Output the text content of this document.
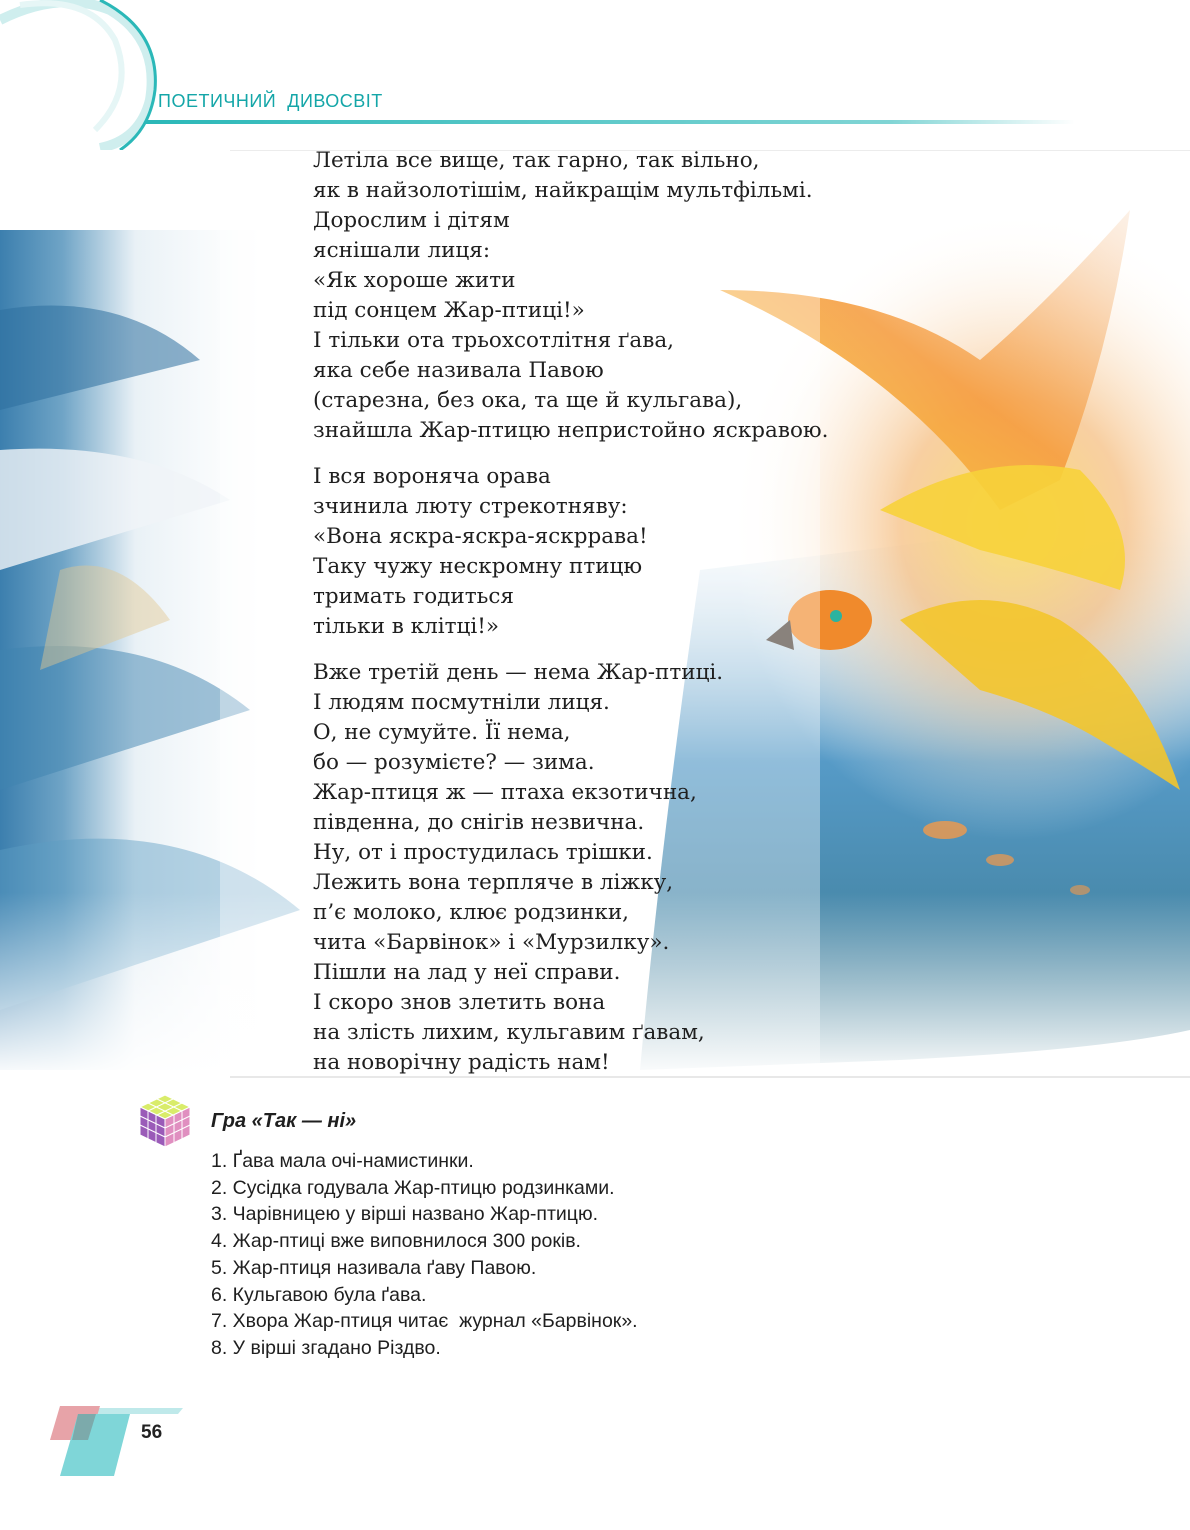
ПОЕТИЧНИЙ  ДИВОСВІТ
Летіла все вище, так гарно, так вільно,
як в найзолотішім, найкращім мультфільмі.
Дорослим і дітям
яснішали лиця:
«Як хороше жити
під сонцем Жар-птиці!»
І тільки ота трьохсотлітня ґава,
яка себе називала Павою
(старезна, без ока, та ще й кульгава),
знайшла Жар-птицю непристойно яскравою.
І вся вороняча орава
зчинила люту стрекотняву:
«Вона яскра-яскра-яскррава!
Таку чужу нескромну птицю
тримать годиться
тільки в клітці!»
Вже третій день — нема Жар-птиці.
І людям посмутніли лиця.
О, не сумуйте. Її нема,
бо — розумієте? — зима.
Жар-птиця ж — птаха екзотична,
південна, до снігів незвична.
Ну, от і простудилась трішки.
Лежить вона терпляче в ліжку,
п’є молоко, клює родзинки,
чита «Барвінок» і «Мурзилку».
Пішли на лад у неї справи.
І скоро знов злетить вона
на злість лихим, кульгавим ґавам,
на новорічну радість нам!
Гра «Так — ні»
1. Ґава мала очі-намистинки.
2. Сусідка годувала Жар-птицю родзинками.
3. Чарівницею у вірші названо Жар-птицю.
4. Жар-птиці вже виповнилося 300 років.
5. Жар-птиця називала ґаву Павою.
6. Кульгавою була ґава.
7. Хвора Жар-птиця читає  журнал «Барвінок».
8. У вірші згадано Різдво.
56
